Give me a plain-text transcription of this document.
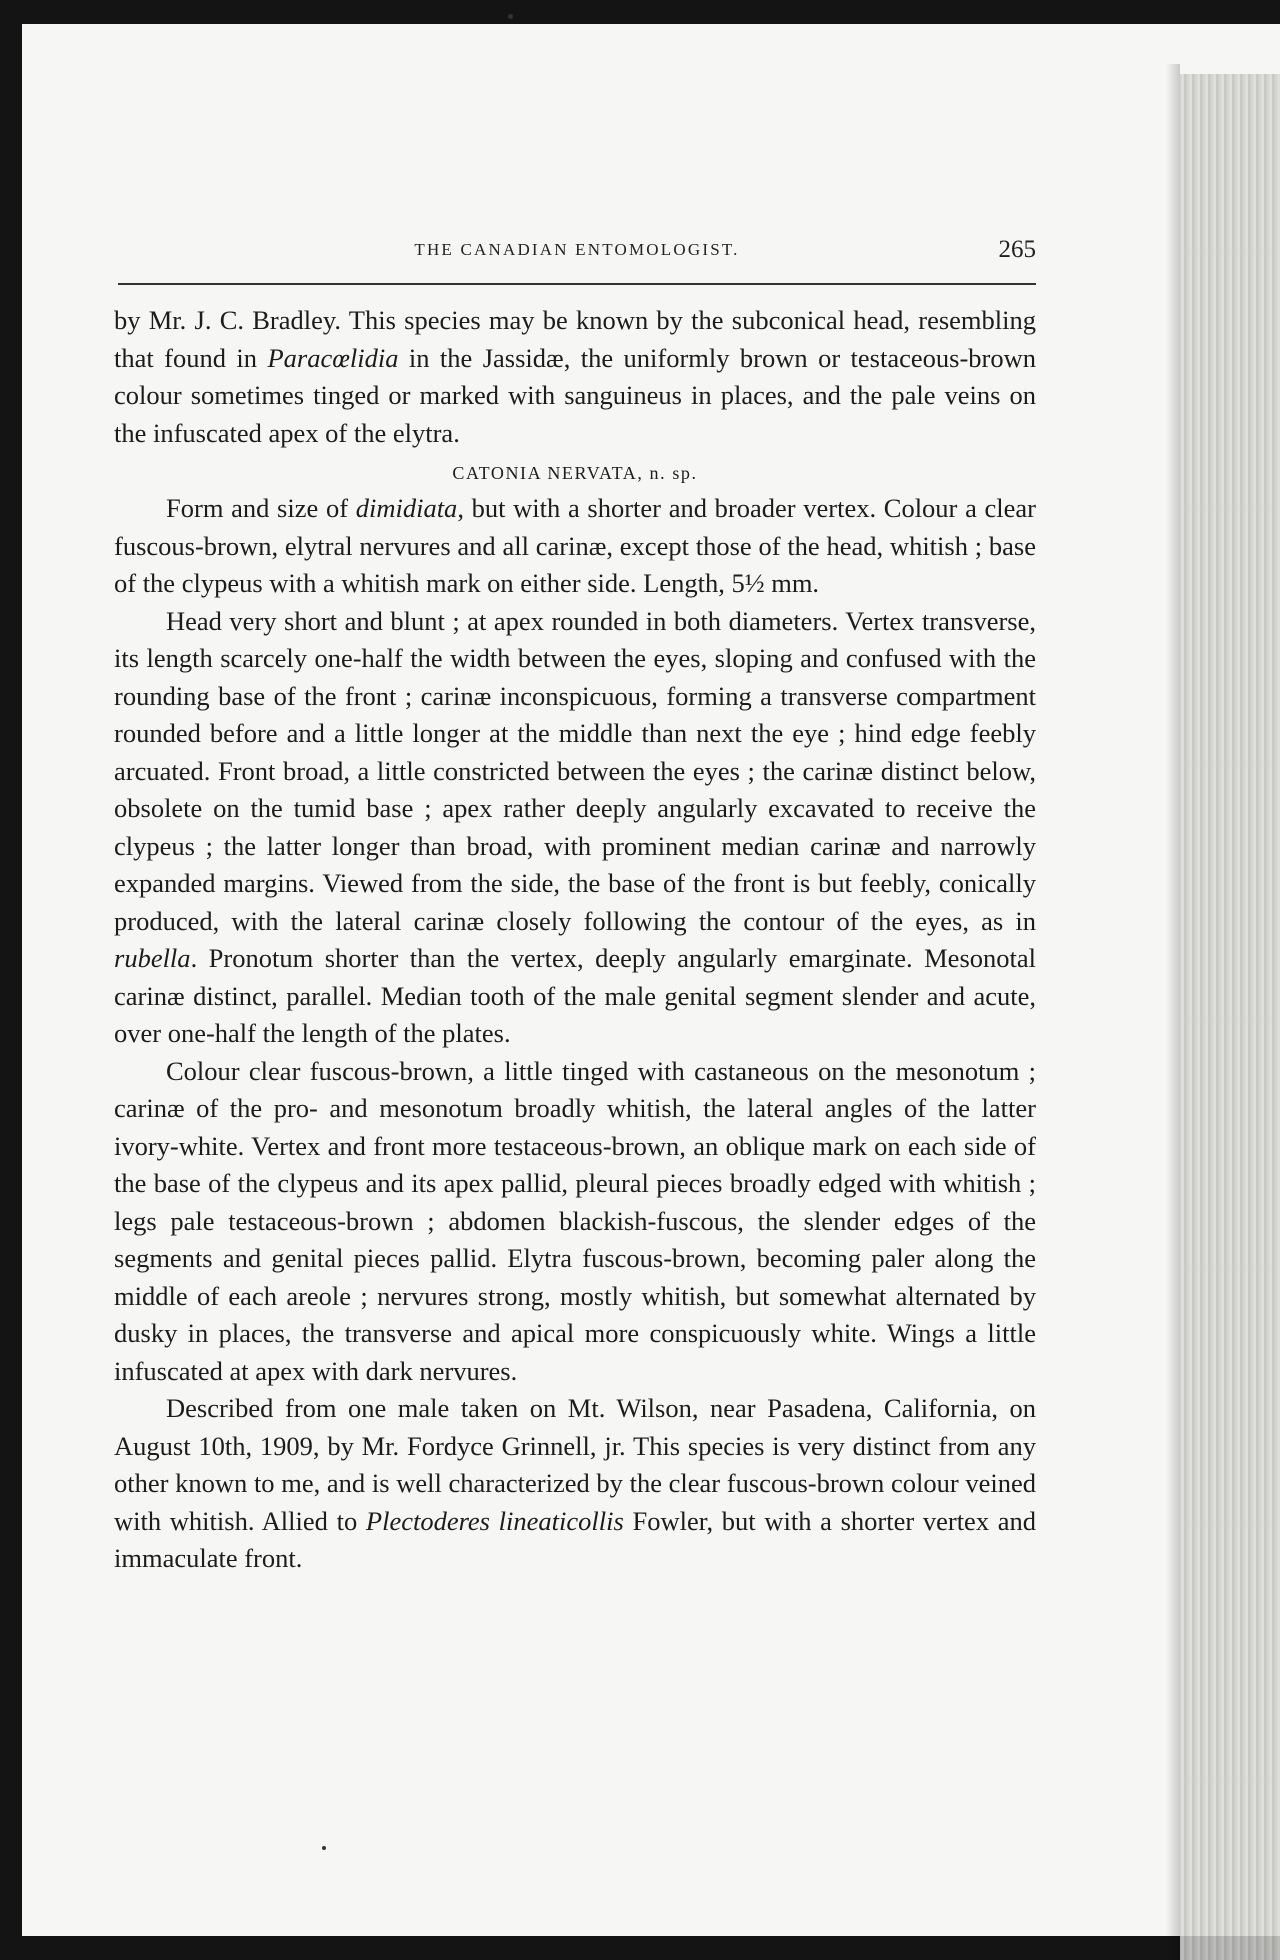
THE CANADIAN ENTOMOLOGIST.	265

by Mr. J. C. Bradley. This species may be known by the subconical head, resembling that found in Paracœlidia in the Jassidæ, the uniformly brown or testaceous-brown colour sometimes tinged or marked with sanguineus in places, and the pale veins on the infuscated apex of the elytra.

CATONIA NERVATA, n. sp.

Form and size of dimidiata, but with a shorter and broader vertex. Colour a clear fuscous-brown, elytral nervures and all carinæ, except those of the head, whitish ; base of the clypeus with a whitish mark on either side. Length, 5½ mm.

Head very short and blunt ; at apex rounded in both diameters. Vertex transverse, its length scarcely one-half the width between the eyes, sloping and confused with the rounding base of the front ; carinæ inconspicuous, forming a transverse compartment rounded before and a little longer at the middle than next the eye ; hind edge feebly arcuated. Front broad, a little constricted between the eyes ; the carinæ distinct below, obsolete on the tumid base ; apex rather deeply angularly excavated to receive the clypeus ; the latter longer than broad, with prominent median carinæ and narrowly expanded margins. Viewed from the side, the base of the front is but feebly, conically produced, with the lateral carinæ closely following the contour of the eyes, as in rubella. Pronotum shorter than the vertex, deeply angularly emarginate. Mesonotal carinæ distinct, parallel. Median tooth of the male genital segment slender and acute, over one-half the length of the plates.

Colour clear fuscous-brown, a little tinged with castaneous on the mesonotum ; carinæ of the pro- and mesonotum broadly whitish, the lateral angles of the latter ivory-white. Vertex and front more testaceous-brown, an oblique mark on each side of the base of the clypeus and its apex pallid, pleural pieces broadly edged with whitish ; legs pale testaceous-brown ; abdomen blackish-fuscous, the slender edges of the segments and genital pieces pallid. Elytra fuscous-brown, becoming paler along the middle of each areole ; nervures strong, mostly whitish, but somewhat alternated by dusky in places, the transverse and apical more conspicuously white. Wings a little infuscated at apex with dark nervures.

Described from one male taken on Mt. Wilson, near Pasadena, California, on August 10th, 1909, by Mr. Fordyce Grinnell, jr. This species is very distinct from any other known to me, and is well characterized by the clear fuscous-brown colour veined with whitish. Allied to Plectoderes lineaticollis Fowler, but with a shorter vertex and immaculate front.
